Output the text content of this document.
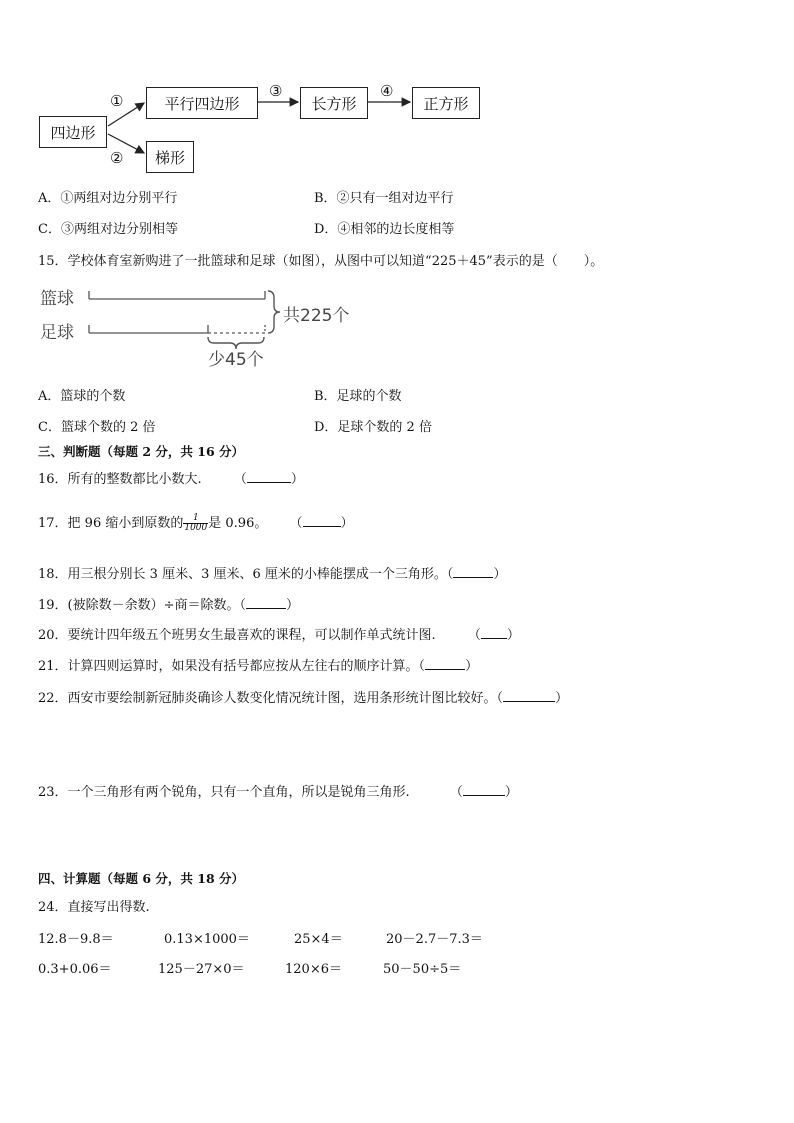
四边形
平行四边形	长方形	正方形
梯形
①
②
③	④
A．①两组对边分别平行	B．②只有一组对边平行
C．③两组对边分别相等	D．④相邻的边长度相等
15．学校体育室新购进了一批篮球和足球（如图），从图中可以知道“225＋45”表示的是（　　）。
篮球
足球
共225个
少45个
A．篮球的个数	B．足球的个数
C．篮球个数的 2 倍	D．足球个数的 2 倍
三、判断题（每题 2 分，共 16 分）
16．所有的整数都比小数大. （	）
17．把 96 缩小到原数的 $\frac{1}{1000}$ 是 0.96。 （	）
18．用三根分别长 3 厘米、3 厘米、6 厘米的小棒能摆成一个三角形。（	）
19．(被除数－余数）÷商＝除数。（	）
20．要统计四年级五个班男女生最喜欢的课程，可以制作单式统计图. （ ）
21．计算四则运算时，如果没有括号都应按从左往右的顺序计算。（	）
22．西安市要绘制新冠肺炎确诊人数变化情况统计图，选用条形统计图比较好。（	）
23．一个三角形有两个锐角，只有一个直角，所以是锐角三角形.	（	）
四、计算题（每题 6 分，共 18 分）
24．直接写出得数.
12.8－9.8＝	0.13×1000＝	25×4＝	20－2.7－7.3＝
0.3+0.06＝	125－27×0＝	120×6＝	50－50÷5＝
